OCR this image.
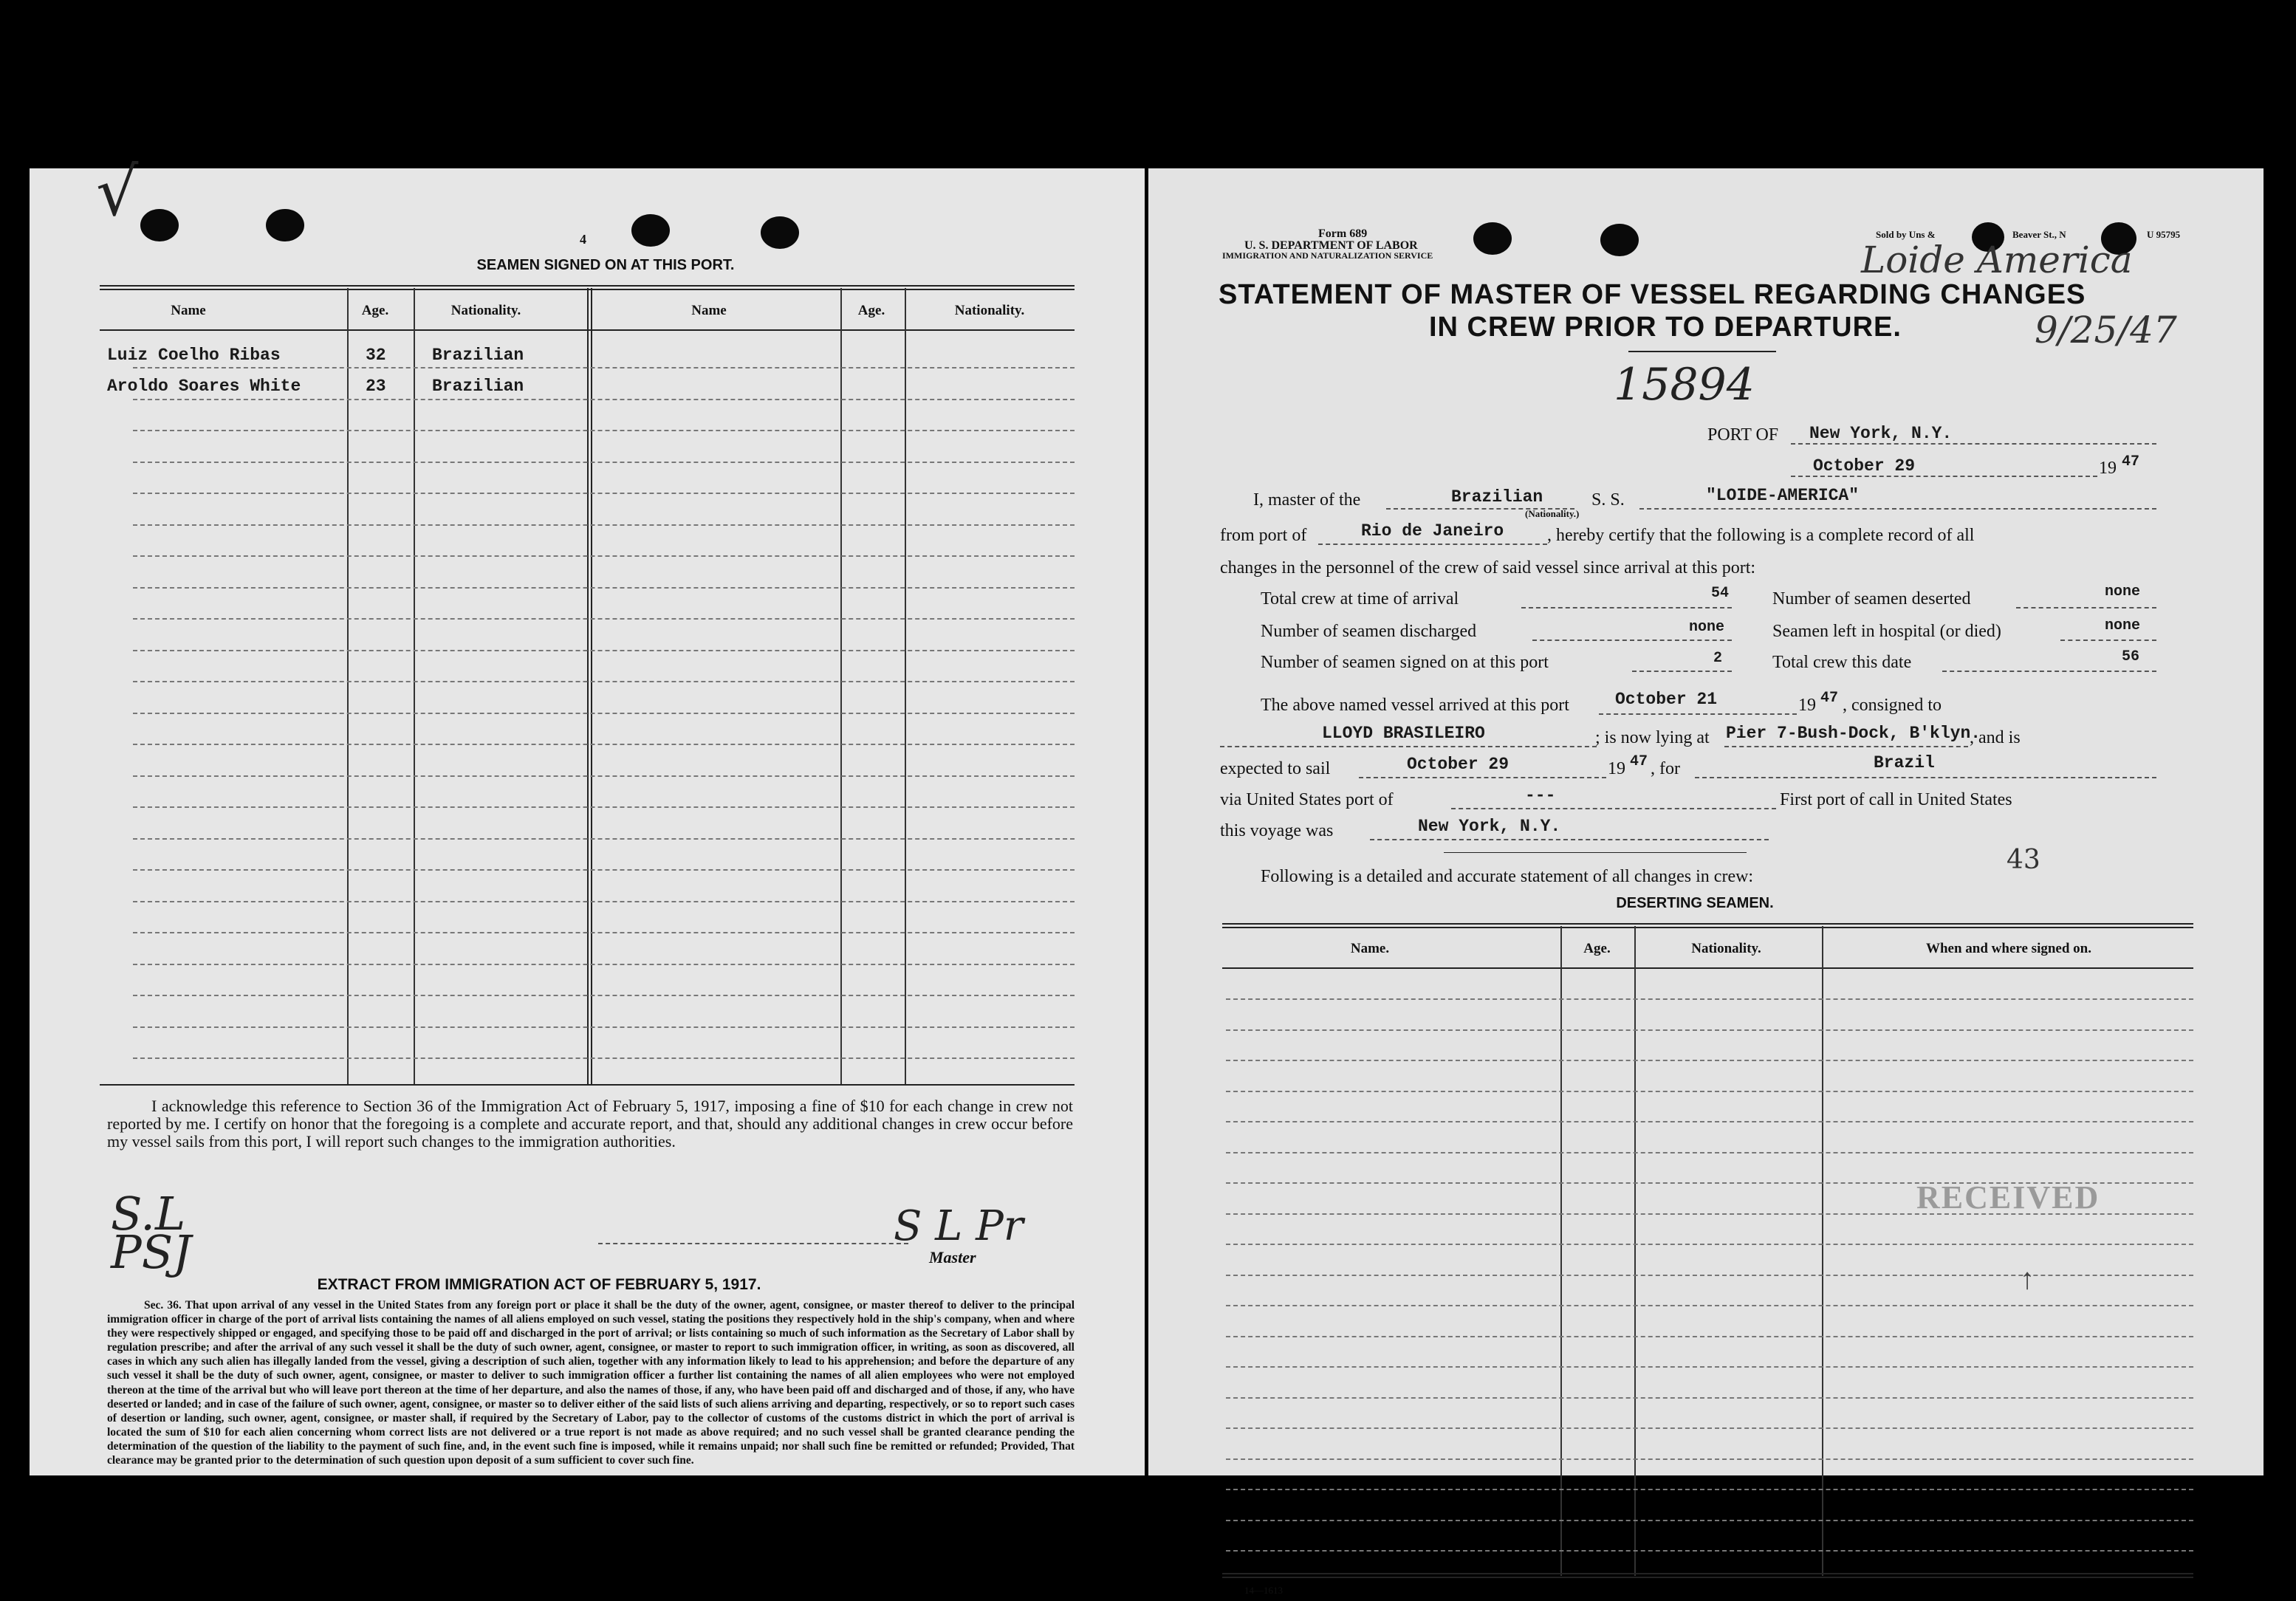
√
4
SEAMEN SIGNED ON AT THIS PORT.
Name	Age.	Nationality.	Name	Age.	Nationality.
Luiz Coelho Ribas	32	Brazilian
Aroldo Soares White	23	Brazilian
I acknowledge this reference to Section 36 of the Immigration Act of February 5, 1917, imposing a fine of $10 for each change in crew not reported by me. I certify on honor that the foregoing is a complete and accurate report, and that, should any additional changes in crew occur before my vessel sails from this port, I will report such changes to the immigration authorities.
S L Pr
Master
S.L
PSJ
EXTRACT FROM IMMIGRATION ACT OF FEBRUARY 5, 1917.
Sec. 36. That upon arrival of any vessel in the United States from any foreign port or place it shall be the duty of the owner, agent, consignee, or master thereof to deliver to the principal immigration officer in charge of the port of arrival lists containing the names of all aliens employed on such vessel, stating the positions they respectively hold in the ship's company, when and where they were respectively shipped or engaged, and specifying those to be paid off and discharged in the port of arrival; or lists containing so much of such information as the Secretary of Labor shall by regulation prescribe; and after the arrival of any such vessel it shall be the duty of such owner, agent, consignee, or master to report to such immigration officer, in writing, as soon as discovered, all cases in which any such alien has illegally landed from the vessel, giving a description of such alien, together with any information likely to lead to his apprehension; and before the departure of any such vessel it shall be the duty of such owner, agent, consignee, or master to deliver to such immigration officer a further list containing the names of all alien employees who were not employed thereon at the time of the arrival but who will leave port thereon at the time of her departure, and also the names of those, if any, who have been paid off and discharged and of those, if any, who have deserted or landed; and in case of the failure of such owner, agent, consignee, or master so to deliver either of the said lists of such aliens arriving and departing, respectively, or so to report such cases of desertion or landing, such owner, agent, consignee, or master shall, if required by the Secretary of Labor, pay to the collector of customs of the customs district in which the port of arrival is located the sum of $10 for each alien concerning whom correct lists are not delivered or a true report is not made as above required; and no such vessel shall be granted clearance pending the determination of the question of the liability to the payment of such fine, and, in the event such fine is imposed, while it remains unpaid; nor shall such fine be remitted or refunded; Provided, That clearance may be granted prior to the determination of such question upon deposit of a sum sufficient to cover such fine.
Form 689
U. S. DEPARTMENT OF LABOR
IMMIGRATION AND NATURALIZATION SERVICE
Sold by Uns &	Beaver St., N	U 95795
Loide America
STATEMENT OF MASTER OF VESSEL REGARDING CHANGES
IN CREW PRIOR TO DEPARTURE.	9/25/47
15894
PORT OF New York, N.Y.
October 29	19 47
I, master of the	Brazilian
(Nationality.)
S. S.	"LOIDE-AMERICA"
from port of	Rio de Janeiro , hereby certify that the following is a complete record of all
changes in the personnel of the crew of said vessel since arrival at this port:
Total crew at time of arrival	54 Number of seamen deserted	none
Number of seamen discharged	none	Seamen left in hospital (or died)	none
Number of seamen signed on at this port	2	Total crew this date	56
The above named vessel arrived at this port	October 21	19 47 , consigned to
LLOYD BRASILEIRO	; is now lying at Pier 7-Bush-Dock, B'klyn.
, and is
expected to sail	October 29	19 47 , for	Brazil
via United States port of	---	First port of call in United States
this voyage was	New York, N.Y.
43
Following is a detailed and accurate statement of all changes in crew:
DESERTING SEAMEN.
Name.	Age.	Nationality.	When and where signed on.
RECEIVED
↑
14—1613
